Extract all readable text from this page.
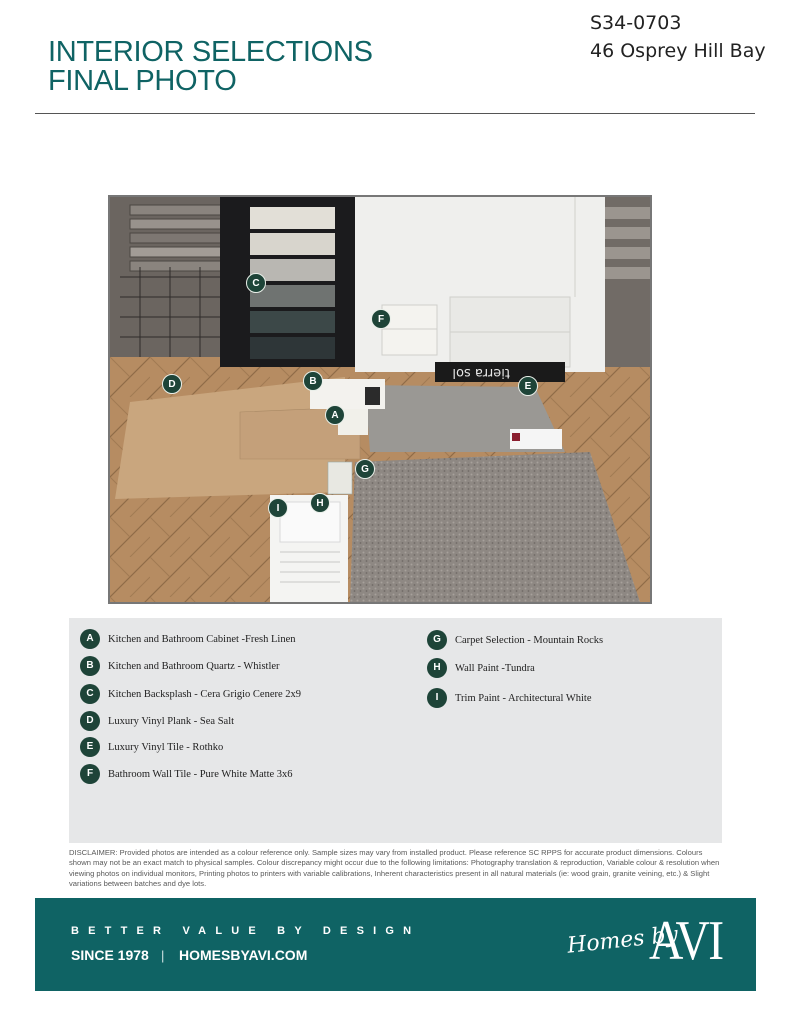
INTERIOR SELECTIONS
FINAL PHOTO
S34-0703
46 Osprey Hill Bay
tierra sol
C
F
D	B	E
A
G
H
I
A	Kitchen and Bathroom Cabinet -Fresh Linen
B	Kitchen and Bathroom Quartz - Whistler
C	Kitchen Backsplash - Cera Grigio Cenere 2x9
D	Luxury Vinyl Plank - Sea Salt
E	Luxury Vinyl Tile - Rothko
F	Bathroom Wall Tile - Pure White Matte 3x6
G	Carpet Selection - Mountain Rocks
H	Wall Paint -Tundra
I	Trim Paint - Architectural White
DISCLAIMER: Provided photos are intended as a colour reference only. Sample sizes may vary from installed product. Please reference SC RPPS for accurate product dimensions. Colours shown may not be an exact match to physical samples. Colour discrepancy might occur due to the following limitations: Photography translation & reproduction, Variable colour & resolution when viewing photos on individual monitors, Printing photos to printers with variable calibrations, Inherent characteristics present in all natural materials (ie: wood grain, granite veining, etc.) & Slight variations between batches and dye lots.
BETTER VALUE BY DESIGN
SINCE 1978 | HOMESBYAVI.COM	Homes by
AVI
